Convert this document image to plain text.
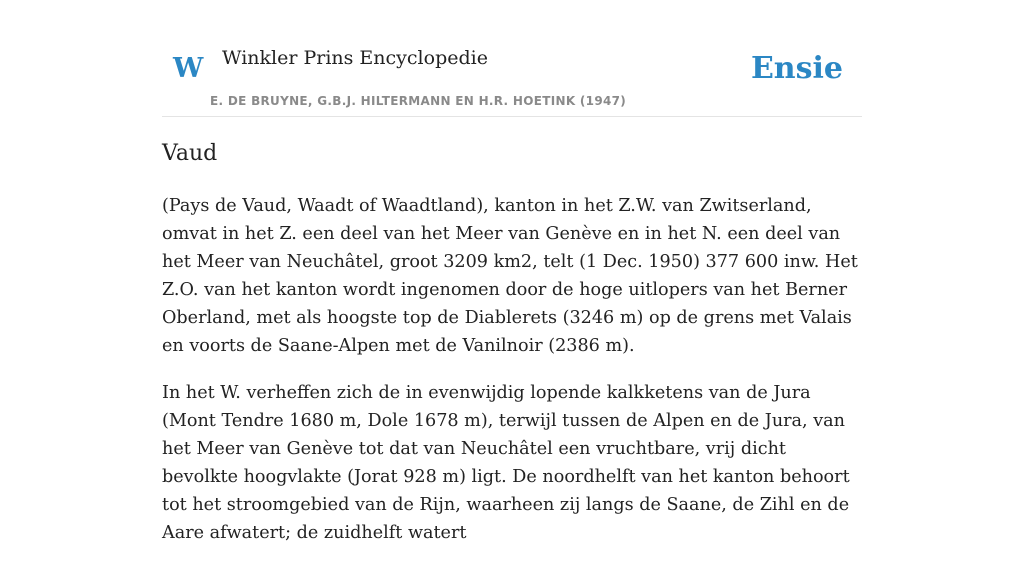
W Winkler Prins Encyclopedie
E. DE BRUYNE, G.B.J. HILTERMANN EN H.R. HOETINK (1947)
Ensie
Vaud

(Pays de Vaud, Waadt of Waadtland), kanton in het Z.W. van Zwitserland, omvat in het Z. een deel van het Meer van Genève en in het N. een deel van het Meer van Neuchâtel, groot 3209 km2, telt (1 Dec. 1950) 377 600 inw. Het Z.O. van het kanton wordt ingenomen door de hoge uitlopers van het Berner Oberland, met als hoogste top de Diablerets (3246 m) op de grens met Valais en voorts de Saane-Alpen met de Vanilnoir (2386 m).

In het W. verheffen zich de in evenwijdig lopende kalkketens van de Jura (Mont Tendre 1680 m, Dole 1678 m), terwijl tussen de Alpen en de Jura, van het Meer van Genève tot dat van Neuchâtel een vruchtbare, vrij dicht bevolkte hoogvlakte (Jorat 928 m) ligt. De noordhelft van het kanton behoort tot het stroomgebied van de Rijn, waarheen zij langs de Saane, de Zihl en de Aare afwatert; de zuidhelft watert
